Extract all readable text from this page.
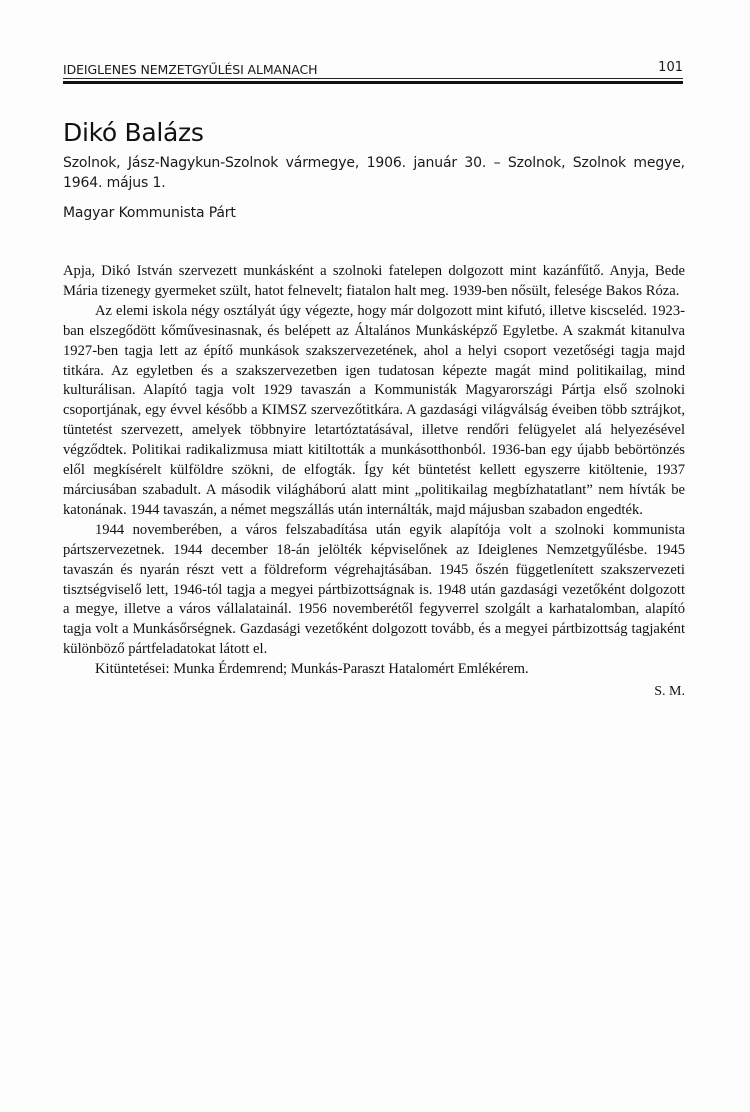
IDEIGLENES NEMZETGYŰLÉSI ALMANACH	101
Dikó Balázs
Szolnok, Jász-Nagykun-Szolnok vármegye, 1906. január 30. – Szolnok, Szolnok megye, 1964. május 1.
Magyar Kommunista Párt

Apja, Dikó István szervezett munkásként a szolnoki fatelepen dolgozott mint kazánfűtő. Anyja, Bede Mária tizenegy gyermeket szült, hatot felnevelt; fiatalon halt meg. 1939-ben nősült, felesége Bakos Róza.

Az elemi iskola négy osztályát úgy végezte, hogy már dolgozott mint kifutó, illetve kiscseléd. 1923-ban elszegődött kőművesinasnak, és belépett az Általános Munkásképző Egyletbe. A szakmát kitanulva 1927-ben tagja lett az építő munkások szakszervezetének, ahol a helyi csoport vezetőségi tagja majd titkára. Az egyletben és a szakszervezetben igen tudatosan képezte magát mind politikailag, mind kulturálisan. Alapító tagja volt 1929 tavaszán a Kommunisták Magyarországi Pártja első szolnoki csoportjának, egy évvel később a KIMSZ szervezőtitkára. A gazdasági világválság éveiben több sztrájkot, tüntetést szervezett, amelyek többnyire letartóztatásával, illetve rendőri felügyelet alá helyezésével végződtek. Politikai radikalizmusa miatt kitiltották a munkásotthonból. 1936-ban egy újabb bebörtönzés elől megkísérelt külföldre szökni, de elfogták. Így két büntetést kellett egyszerre kitöltenie, 1937 márciusában szabadult. A második világháború alatt mint „politikailag megbízhatatlant” nem hívták be katonának. 1944 tavaszán, a német megszállás után internálták, majd májusban szabadon engedték.

1944 novemberében, a város felszabadítása után egyik alapítója volt a szolnoki kommunista pártszervezetnek. 1944 december 18-án jelölték képviselőnek az Ideiglenes Nemzetgyűlésbe. 1945 tavaszán és nyarán részt vett a földreform végrehajtásában. 1945 őszén függetlenített szakszervezeti tisztségviselő lett, 1946-tól tagja a megyei pártbizottságnak is. 1948 után gazdasági vezetőként dolgozott a megye, illetve a város vállalatainál. 1956 novemberétől fegyverrel szolgált a karhatalomban, alapító tagja volt a Munkásőrségnek. Gazdasági vezetőként dolgozott tovább, és a megyei pártbizottság tagjaként különböző pártfeladatokat látott el.

Kitüntetései: Munka Érdemrend; Munkás-Paraszt Hatalomért Emlékérem.

S. M.
